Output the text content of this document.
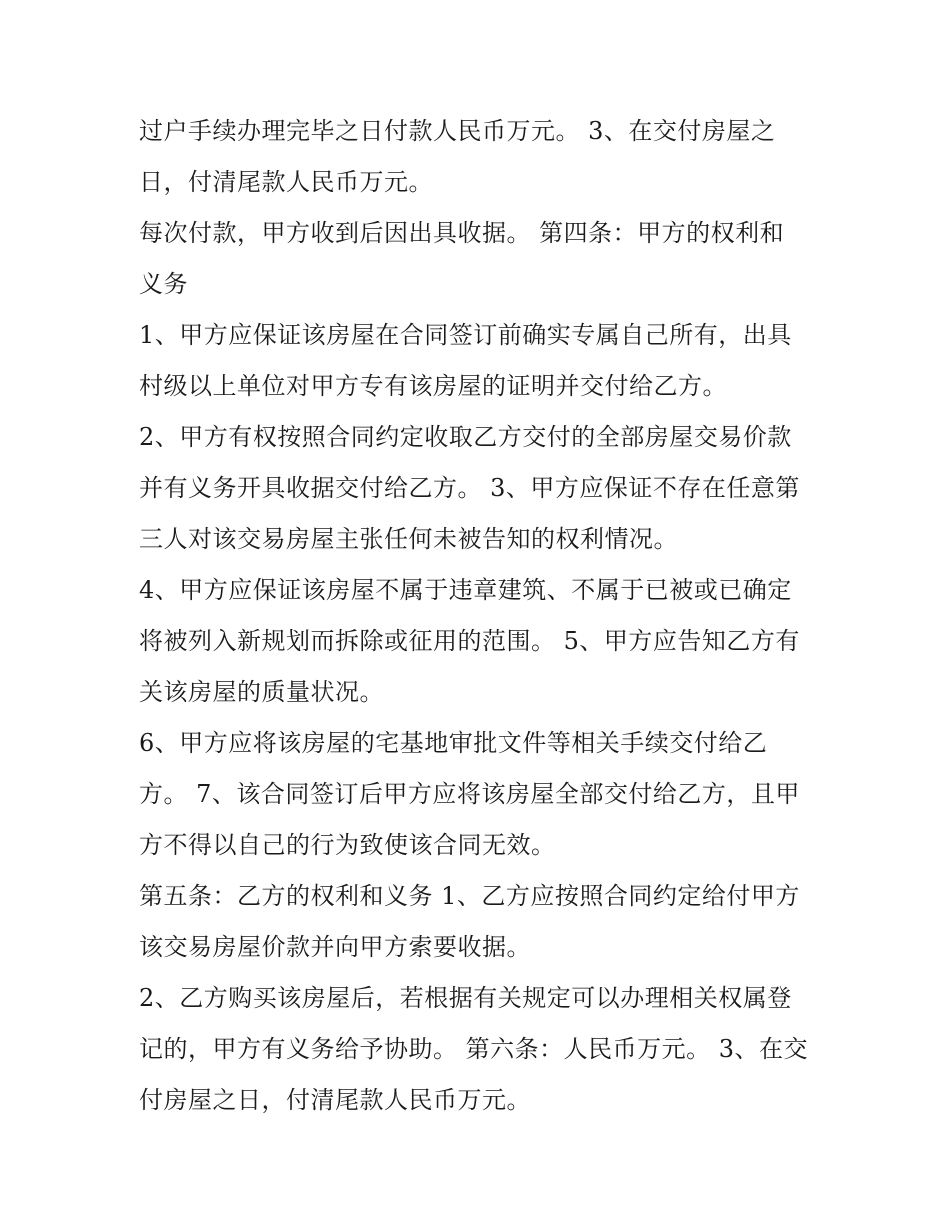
过户手续办理完毕之日付款人民币万元。 3、在交付房屋之
日，付清尾款人民币万元。
每次付款，甲方收到后因出具收据。 第四条：甲方的权利和
义务
1、甲方应保证该房屋在合同签订前确实专属自己所有，出具
村级以上单位对甲方专有该房屋的证明并交付给乙方。
2、甲方有权按照合同约定收取乙方交付的全部房屋交易价款
并有义务开具收据交付给乙方。 3、甲方应保证不存在任意第
三人对该交易房屋主张任何未被告知的权利情况。
4、甲方应保证该房屋不属于违章建筑、不属于已被或已确定
将被列入新规划而拆除或征用的范围。 5、甲方应告知乙方有
关该房屋的质量状况。
6、甲方应将该房屋的宅基地审批文件等相关手续交付给乙
方。 7、该合同签订后甲方应将该房屋全部交付给乙方，且甲
方不得以自己的行为致使该合同无效。
第五条：乙方的权利和义务 1、乙方应按照合同约定给付甲方
该交易房屋价款并向甲方索要收据。
2、乙方购买该房屋后，若根据有关规定可以办理相关权属登
记的，甲方有义务给予协助。 第六条：人民币万元。 3、在交
付房屋之日，付清尾款人民币万元。
